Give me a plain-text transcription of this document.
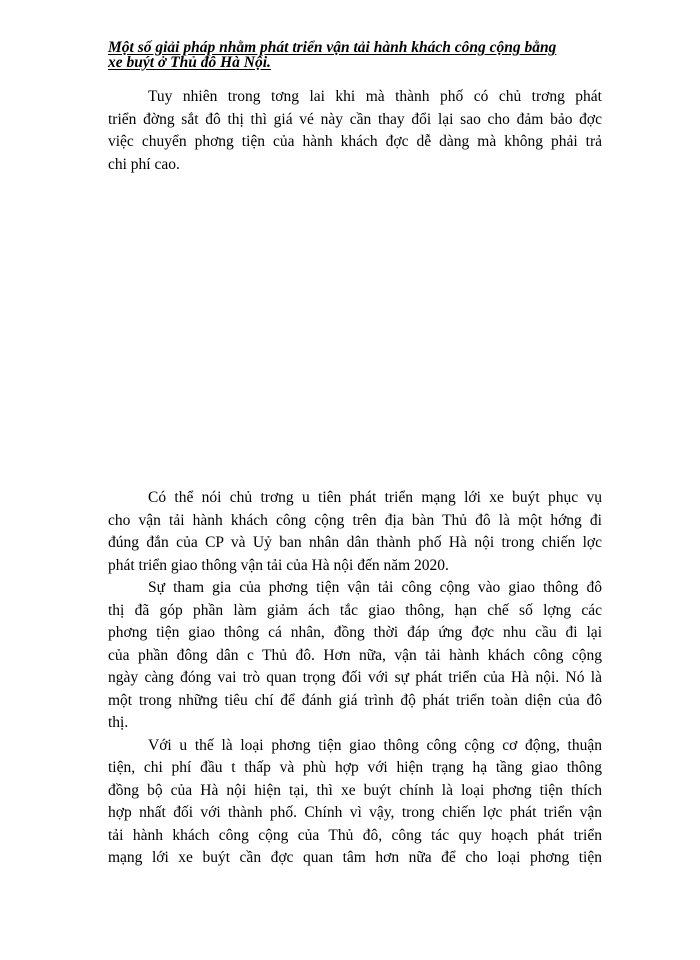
Một số giải pháp nhằm phát triển vận tải hành khách công cộng bằng
xe buýt ở Thủ đô Hà Nội.
Tuy nhiên trong tơng lai khi mà thành phố có chủ trơng phát
triển đờng sắt đô thị thì giá vé này cần thay đổi lại sao cho đảm bảo đợc
việc chuyển phơng tiện của hành khách đợc dễ dàng mà không phải trả
chi phí cao.
Có thể nói chủ trơng u tiên phát triển mạng lới xe buýt phục vụ
cho vận tải hành khách công cộng trên địa bàn Thủ đô là một hớng đi
đúng đắn của CP và Uỷ ban nhân dân thành phố Hà nội trong chiến lợc
phát triển giao thông vận tải của Hà nội đến năm 2020.
Sự tham gia của phơng tiện vận tải công cộng vào giao thông đô
thị đã góp phần làm giảm ách tắc giao thông, hạn chế số lợng các
phơng tiện giao thông cá nhân, đồng thời đáp ứng đợc nhu cầu đi lại
của phần đông dân c Thủ đô. Hơn nữa, vận tải hành khách công cộng
ngày càng đóng vai trò quan trọng đối với sự phát triển của Hà nội. Nó là
một trong những tiêu chí để đánh giá trình độ phát triển toàn diện của đô
thị.
Với u thế là loại phơng tiện giao thông công cộng cơ động, thuận
tiện, chi phí đầu t thấp và phù hợp với hiện trạng hạ tầng giao thông
đồng bộ của Hà nội hiện tại, thì xe buýt chính là loại phơng tiện thích
hợp nhất đối với thành phố. Chính vì vậy, trong chiến lợc phát triển vận
tải hành khách công cộng của Thủ đô, công tác quy hoạch phát triển
mạng lới xe buýt cần đợc quan tâm hơn nữa để cho loại phơng tiện
